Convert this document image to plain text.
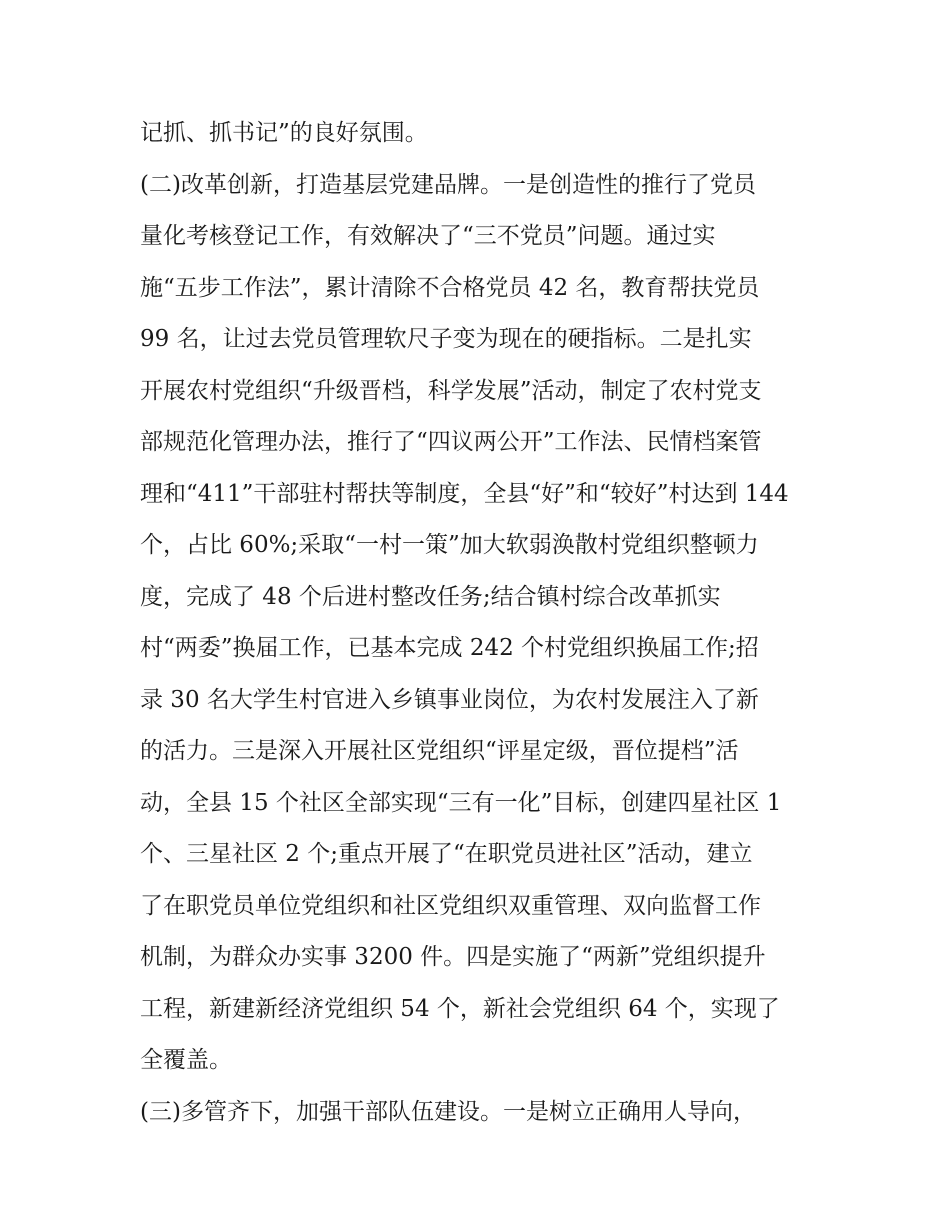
记抓、抓书记”的良好氛围。
(二)改革创新，打造基层党建品牌。一是创造性的推行了党员
量化考核登记工作，有效解决了“三不党员”问题。通过实
施“五步工作法”，累计清除不合格党员 42 名，教育帮扶党员
99 名，让过去党员管理软尺子变为现在的硬指标。二是扎实
开展农村党组织“升级晋档，科学发展”活动，制定了农村党支
部规范化管理办法，推行了“四议两公开”工作法、民情档案管
理和“411”干部驻村帮扶等制度，全县“好”和“较好”村达到 144
个，占比 60%;采取“一村一策”加大软弱涣散村党组织整顿力
度，完成了 48 个后进村整改任务;结合镇村综合改革抓实
村“两委”换届工作，已基本完成 242 个村党组织换届工作;招
录 30 名大学生村官进入乡镇事业岗位，为农村发展注入了新
的活力。三是深入开展社区党组织“评星定级，晋位提档”活
动，全县 15 个社区全部实现“三有一化”目标，创建四星社区 1
个、三星社区 2 个;重点开展了“在职党员进社区”活动，建立
了在职党员单位党组织和社区党组织双重管理、双向监督工作
机制，为群众办实事 3200 件。四是实施了“两新”党组织提升
工程，新建新经济党组织 54 个，新社会党组织 64 个，实现了
全覆盖。
(三)多管齐下，加强干部队伍建设。一是树立正确用人导向，
